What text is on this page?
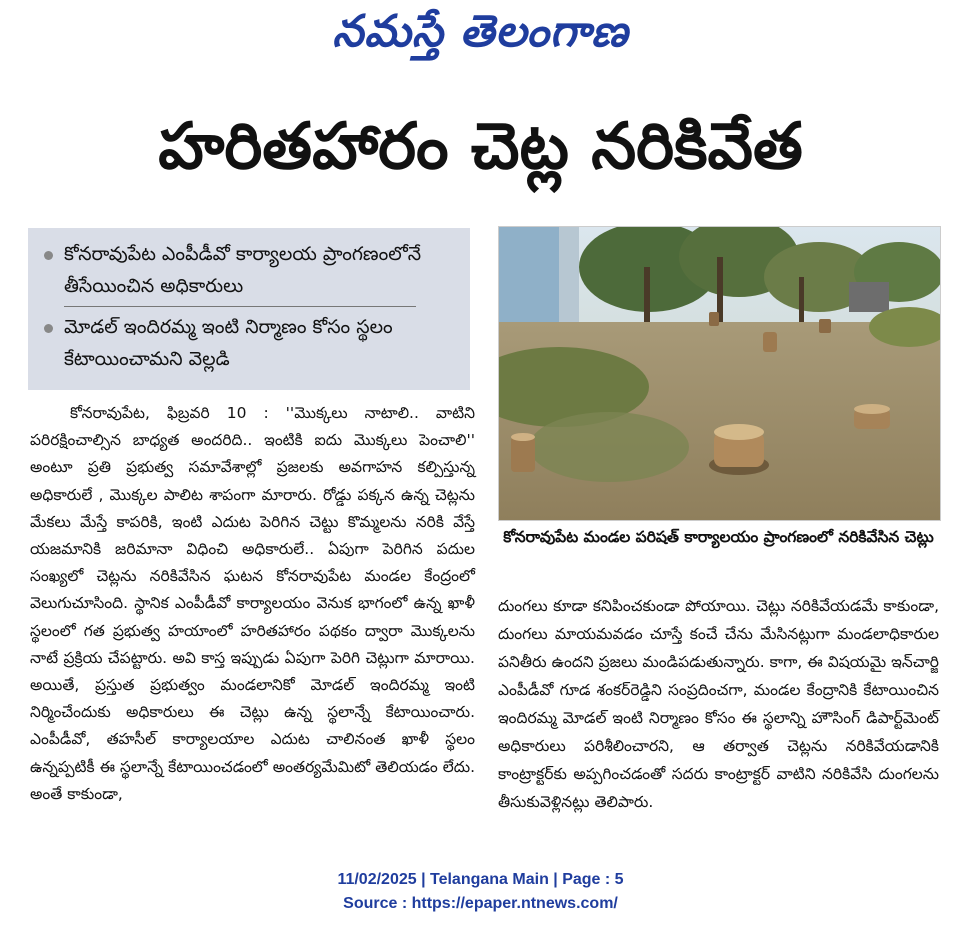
నమస్తే తెలంగాణ
హరితహారం చెట్ల నరికివేత
కోనరావుపేట ఎంపీడీవో కార్యాలయ ప్రాంగణంలోనే తీసేయించిన అధికారులు
మోడల్ ఇందిరమ్మ ఇంటి నిర్మాణం కోసం స్థలం కేటాయించామని వెల్లడి

కోనరావుపేట, ఫిబ్రవరి 10 : ''మొక్కలు నాటాలి.. వాటిని పరిరక్షించాల్సిన బాధ్యత అందరిది.. ఇంటికి ఐదు మొక్కలు పెంచాలి'' అంటూ ప్రతి ప్రభుత్వ సమావేశాల్లో ప్రజలకు అవగాహన కల్పిస్తున్న అధికారులే , మొక్కల పాలిట శాపంగా మారారు. రోడ్డు పక్కన ఉన్న చెట్లను మేకలు మేస్తే కాపరికి, ఇంటి ఎదుట పెరిగిన చెట్టు కొమ్మలను నరికి వేస్తే యజమానికి జరిమానా విధించి అధికారులే.. ఏపుగా పెరిగిన పదుల సంఖ్యలో చెట్లను నరికివేసిన ఘటన కోనరావుపేట మండల కేంద్రంలో వెలుగుచూసింది. స్థానిక ఎంపీడీవో కార్యాలయం వెనుక భాగంలో ఉన్న ఖాళీ స్థలంలో గత ప్రభుత్వ హయాంలో హరితహారం పథకం ద్వారా మొక్కలను నాటే ప్రక్రియ చేపట్టారు. అవి కాస్త ఇప్పుడు ఏపుగా పెరిగి చెట్లుగా మారాయి. అయితే, ప్రస్తుత ప్రభుత్వం మండలానికో మోడల్ ఇందిరమ్మ ఇంటి నిర్మించేందుకు అధికారులు ఈ చెట్లు ఉన్న స్థలాన్నే కేటాయించారు. ఎంపీడీవో, తహసీల్ కార్యాలయాల ఎదుట చాలినంత ఖాళీ స్థలం ఉన్నప్పటికీ ఈ స్థలాన్నే కేటాయించడంలో అంతర్యమేమిటో తెలియడం లేదు. అంతే కాకుండా,

కోనరావుపేట మండల పరిషత్ కార్యాలయం ప్రాంగణంలో నరికివేసిన చెట్లు

దుంగలు కూడా కనిపించకుండా పోయాయి. చెట్లు నరికివేయడమే కాకుండా, దుంగలు మాయమవడం చూస్తే కంచే చేను మేసినట్లుగా మండలాధికారుల పనితీరు ఉందని ప్రజలు మండిపడుతున్నారు. కాగా, ఈ విషయమై ఇన్‌చార్జి ఎంపీడీవో గూడ శంకర్‌రెడ్డిని సంప్రదించగా, మండల కేంద్రానికి కేటాయించిన ఇందిరమ్మ మోడల్ ఇంటి నిర్మాణం కోసం ఈ స్థలాన్ని హౌసింగ్ డిపార్ట్‌మెంట్ అధికారులు పరిశీలించారని, ఆ తర్వాత చెట్లను నరికివేయడానికి కాంట్రాక్టర్‌కు అప్పగించడంతో సదరు కాంట్రాక్టర్ వాటిని నరికివేసి దుంగలను తీసుకువెళ్లినట్లు తెలిపారు.

11/02/2025 | Telangana Main | Page : 5
Source : https://epaper.ntnews.com/
